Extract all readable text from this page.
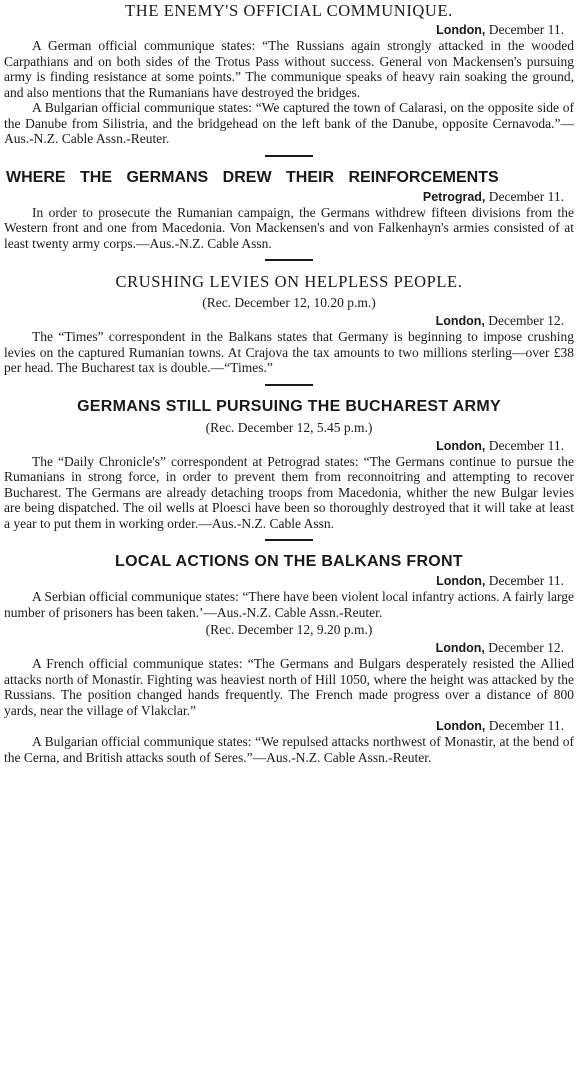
THE ENEMY'S OFFICIAL COMMUNIQUE.

London, December 11.

A German official communique states: “The Russians again strongly attacked in the wooded Carpathians and on both sides of the Trotus Pass without success. General von Mackensen's pursuing army is finding resistance at some points.” The communique speaks of heavy rain soaking the ground, and also mentions that the Rumanians have destroyed the bridges.

A Bulgarian official communique states: “We captured the town of Calarasi, on the opposite side of the Danube from Silistria, and the bridgehead on the left bank of the Danube, opposite Cernavoda.”—Aus.-N.Z. Cable Assn.-Reuter.

WHERE THE GERMANS DREW THEIR REINFORCEMENTS

Petrograd, December 11.

In order to prosecute the Rumanian campaign, the Germans withdrew fifteen divisions from the Western front and one from Macedonia. Von Mackensen's and von Falkenhayn's armies consisted of at least twenty army corps.—Aus.-N.Z. Cable Assn.

CRUSHING LEVIES ON HELPLESS PEOPLE.

(Rec. December 12, 10.20 p.m.)

London, December 12.

The “Times” correspondent in the Balkans states that Germany is beginning to impose crushing levies on the captured Rumanian towns. At Crajova the tax amounts to two millions sterling—over £38 per head. The Bucharest tax is double.—“Times.”

GERMANS STILL PURSUING THE BUCHAREST ARMY

(Rec. December 12, 5.45 p.m.)

London, December 11.

The “Daily Chronicle's” correspondent at Petrograd states: “The Germans continue to pursue the Rumanians in strong force, in order to prevent them from reconnoitring and attempting to recover Bucharest. The Germans are already detaching troops from Macedonia, whither the new Bulgar levies are being dispatched. The oil wells at Ploesci have been so thoroughly destroyed that it will take at least a year to put them in working order.—Aus.-N.Z. Cable Assn.

LOCAL ACTIONS ON THE BALKANS FRONT

London, December 11.

A Serbian official communique states: “There have been violent local infantry actions. A fairly large number of prisoners has been taken.’—Aus.-N.Z. Cable Assn.-Reuter.

(Rec. December 12, 9.20 p.m.)

London, December 12.

A French official communique states: “The Germans and Bulgars desperately resisted the Allied attacks north of Monastir. Fighting was heaviest north of Hill 1050, where the height was attacked by the Russians. The position changed hands frequently. The French made progress over a distance of 800 yards, near the village of Vlakclar.”

London, December 11.

A Bulgarian official communique states: “We repulsed attacks northwest of Monastir, at the bend of the Cerna, and British attacks south of Seres.”—Aus.-N.Z. Cable Assn.-Reuter.
